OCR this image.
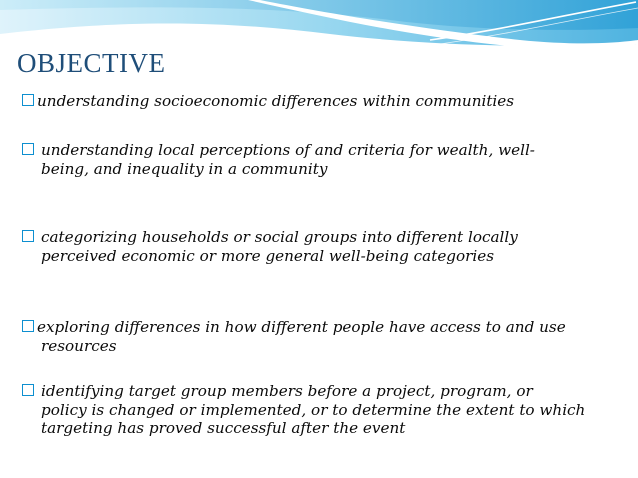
OBJECTIVE
understanding socioeconomic differences within communities
understanding local perceptions of and criteria for wealth, well-
being, and inequality in a community
categorizing households or social groups into different locally
perceived economic or more general well-being categories
exploring differences in how different people have access to and use
resources
identifying target group members before a project, program, or
policy is changed or implemented, or to determine the extent to which
targeting has proved successful after the event
